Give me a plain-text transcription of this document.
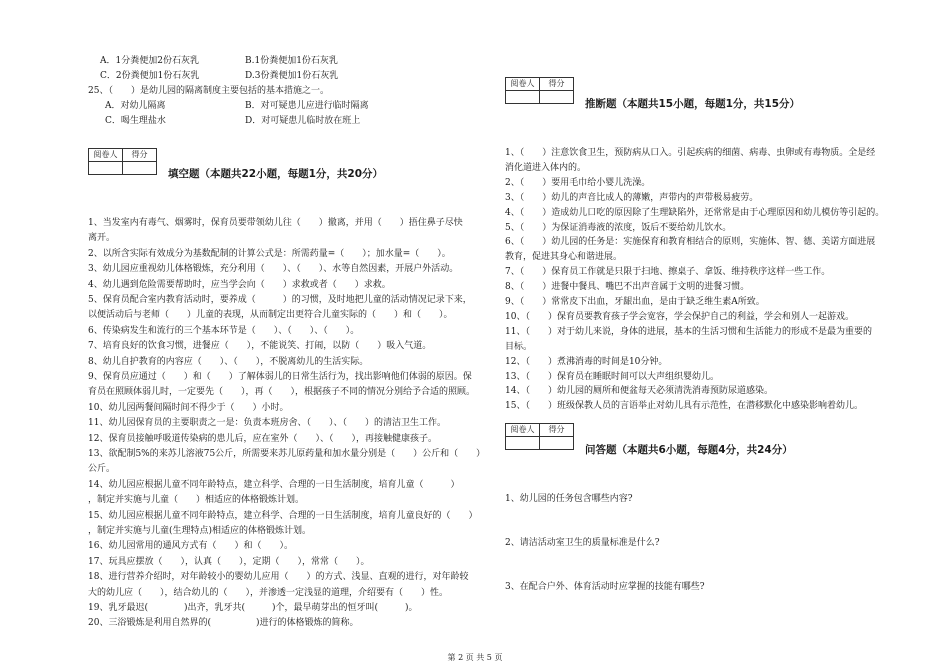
A．1分粪便加2份石灰乳	B.1份粪便加1份石灰乳
C．2份粪便加1份石灰乳	D.3份粪便加1份石灰乳
25、（　　）是幼儿园的隔离制度主要包括的基本措施之一。
A．对幼儿隔离	B．对可疑患儿应进行临时隔离
C．喝生理盐水	D．对可疑患儿临时放在班上
阅卷人	得分

填空题（本题共22小题，每题1分，共20分）
1、当发室内有毒气、烟雾时，保育员要带领幼儿往（　　）撤离，并用（　　）捂住鼻子尽快
离开。
2、以所含实际有效成分为基数配制的计算公式是：所需药量=（　　）；加水量=（　　）。
3、幼儿园应重视幼儿体格锻炼，充分利用（　　）、（　　）、水等自然因素，开展户外活动。
4、幼儿遇到危险需要帮助时，应当学会向（　　）求救或者（　　）求救。
5、保育员配合室内教育活动时，要养成（　　　）的习惯，及时地把儿童的活动情况记录下来，
以便活动后与老师（　　）儿童的表现，从而制定出更符合儿童实际的（　　）和（　　）。
6、传染病发生和流行的三个基本环节是（　　）、（　　）、（　　）。
7、培育良好的饮食习惯，进餐应（　　），不能说笑、打闹，以防（　　）吸入气道。
8、幼儿自护教育的内容应（　　）、（　　），不脱离幼儿的生活实际。
9、保育员应通过（　　）和（　　）了解体弱儿的日常生活行为，找出影响他们体弱的原因。保
育员在照顾体弱儿时，一定要先（　　），再（　　），根据孩子不同的情况分别给予合适的照顾。
10、幼儿园两餐间隔时间不得少于（　　）小时。
11、幼儿园保育员的主要职责之一是：负责本班房舍、（　　）、（　　）的清洁卫生工作。
12、保育员接触呼吸道传染病的患儿后，应在室外（　　）、（　　），再接触健康孩子。
13、欲配制5%的来苏儿溶液75公斤，所需要来苏儿原药量和加水量分别是（　　）公斤和（　　）
公斤。
14、幼儿园应根据儿童不同年龄特点，建立科学、合理的一日生活制度，培育儿童（　　　）
，制定并实施与儿童（　　）相适应的体格锻炼计划。
15、幼儿园应根据儿童不同年龄特点，建立科学、合理的一日生活制度，培育儿童良好的（　　）
，制定并实施与儿童(生理特点)相适应的体格锻炼计划。
16、幼儿园常用的通风方式有（　　）和（　　）。
17、玩具应摆放（　　），认真（　　），定期（　　），常常（　　）。
18、进行营养介绍时，对年龄较小的婴幼儿应用（　　）的方式、浅显、直观的进行，对年龄较
大的幼儿应（　　），结合幼儿的（　　），并渗透一定浅显的道理，介绍要有（　　）性。
19、乳牙最迟(　　　　)出齐，乳牙共(　　　)个，最早萌芽出的恒牙叫(　　　)。
20、三浴锻炼是利用自然界的(　　　　　)进行的体格锻炼的简称。
阅卷人	得分

推断题（本题共15小题，每题1分，共15分）
1、（　　）注意饮食卫生，预防病从口入。引起疾病的细菌、病毒、虫卵或有毒物质。全是经
消化道进入体内的。
2、（　　）要用毛巾给小婴儿洗澡。
3、（　　）幼儿的声音比成人的薄嫩，声带内的声带极易疲劳。
4、（　　）造成幼儿口吃的原因除了生理缺陷外，还常常是由于心理原因和幼儿模仿等引起的。
5、（　　）为保证消毒液的浓度，饭后不要给幼儿饮水。
6、（　　）幼儿园的任务是：实施保育和教育相结合的原则，实施体、智、德、美诺方面进展
教育，促进其身心和谐进展。
7、（　　）保育员工作就是只限于扫地、擦桌子、拿饭、维持秩序这样一些工作。
8、（　　）进餐中餐具、嘴巴不出声音属于文明的进餐习惯。
9、（　　）常常皮下出血，牙龈出血，是由于缺乏维生素A所致。
10、（　　）保育员要教育孩子学会宽容，学会保护自己的利益，学会和别人一起游戏。
11、（　　）对于幼儿来说，身体的进展，基本的生活习惯和生活能力的形成不是最为重要的
目标。
12、（　　）煮沸消毒的时间是10分钟。
13、（　　）保育员在睡眠时间可以大声组织婴幼儿。
14、（　　）幼儿园的厕所和便盆每天必须清洗消毒预防尿道感染。
15、（　　）班级保教人员的言语举止对幼儿具有示范性，在潜移默化中感染影响着幼儿。
阅卷人	得分

问答题（本题共6小题，每题4分，共24分）
1、幼儿园的任务包含哪些内容?
2、请洁活动室卫生的质量标准是什么?
3、在配合户外、体育活动时应掌握的技能有哪些?
第 2 页 共 5 页
